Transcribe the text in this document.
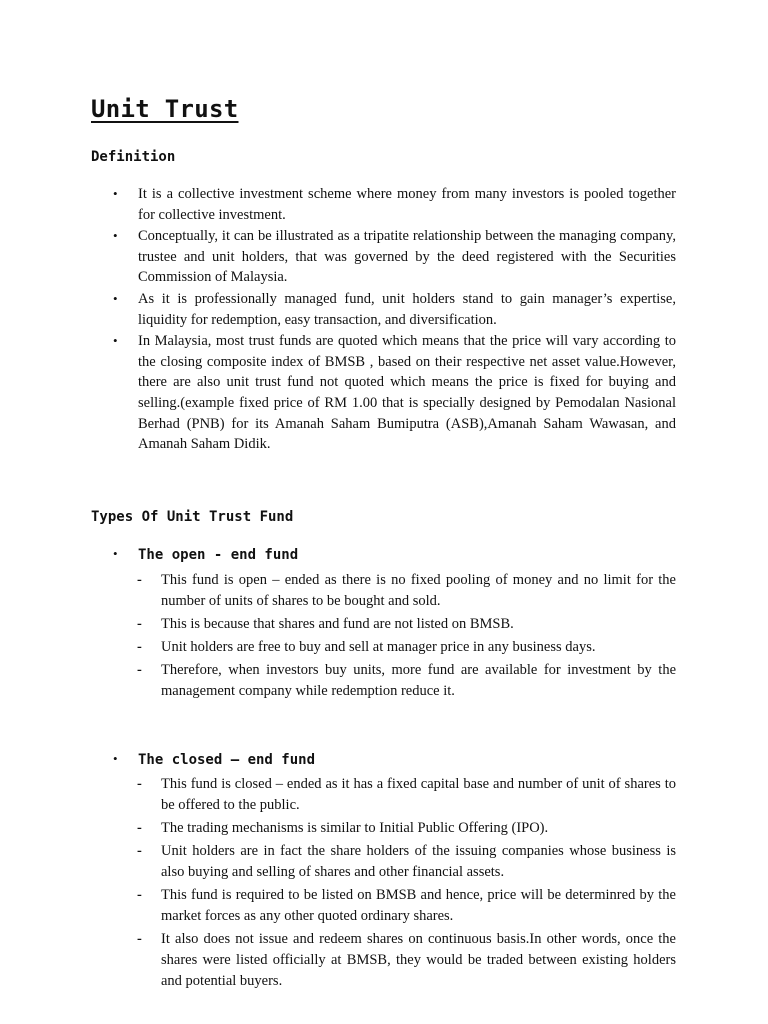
Unit Trust
Definition
• It is a collective investment scheme where money from many investors is pooled together for collective investment.
• Conceptually, it can be illustrated as a tripatite relationship between the managing company, trustee and unit holders, that was governed by the deed registered with the Securities Commission of Malaysia.
• As it is professionally managed fund, unit holders stand to gain manager’s expertise, liquidity for redemption, easy transaction, and diversification.
• In Malaysia, most trust funds are quoted which means that the price will vary according to the closing composite index of BMSB , based on their respective net asset value.However, there are also unit trust fund not quoted which means the price is fixed for buying and selling.(example fixed price of RM 1.00 that is specially designed by Pemodalan Nasional Berhad (PNB) for its Amanah Saham Bumiputra (ASB),Amanah Saham Wawasan, and Amanah Saham Didik.
Types Of Unit Trust Fund
• The open - end fund
- This fund is open – ended as there is no fixed pooling of money and no limit for the number of units of shares to be bought and sold.
- This is because that shares and fund are not listed on BMSB.
- Unit holders are free to buy and sell at manager price in any business days.
- Therefore, when investors buy units, more fund are available for investment by the management company while redemption reduce it.
• The closed – end fund
- This fund is closed – ended as it has a fixed capital base and number of unit of shares to be offered to the public.
- The trading mechanisms is similar to Initial Public Offering (IPO).
- Unit holders are in fact the share holders of the issuing companies whose business is also buying and selling of shares and other financial assets.
- This fund is required to be listed on BMSB and hence, price will be determinred by the market forces as any other quoted ordinary shares.
- It also does not issue and redeem shares on continuous basis.In other words, once the shares were listed officially at BMSB, they would be traded between existing holders and potential buyers.
